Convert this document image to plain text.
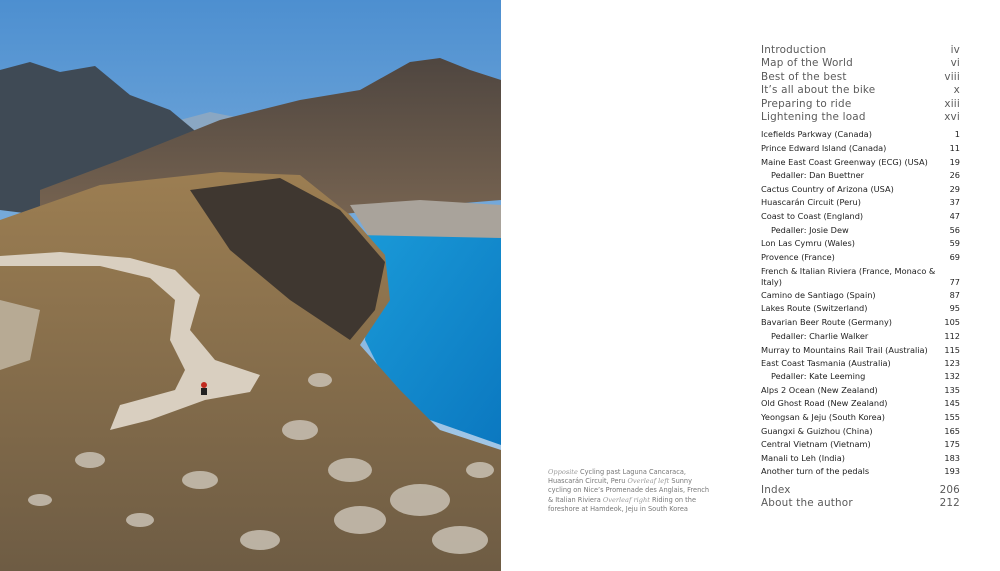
Introduction	iv
Map of the World	vi
Best of the best	viii
It’s all about the bike	x
Preparing to ride	xiii
Lightening the load	xvi
Icefields Parkway (Canada)	1
Prince Edward Island (Canada)	11
Maine East Coast Greenway (ECG) (USA)	19
Pedaller: Dan Buettner	26
Cactus Country of Arizona (USA)	29
Huascarán Circuit (Peru)	37
Coast to Coast (England)	47
Pedaller: Josie Dew	56
Lon Las Cymru (Wales)	59
Provence (France)	69
French & Italian Riviera (France, Monaco & Italy)	77
Camino de Santiago (Spain)	87
Lakes Route (Switzerland)	95
Bavarian Beer Route (Germany)	105
Pedaller: Charlie Walker	112
Murray to Mountains Rail Trail (Australia) 115
East Coast Tasmania (Australia)	123
Pedaller: Kate Leeming	132
Alps 2 Ocean (New Zealand)	135
Old Ghost Road (New Zealand)	145
Yeongsan & Jeju (South Korea)	155
Guangxi & Guizhou (China)	165
Central Vietnam (Vietnam)	175
Manali to Leh (India)	183
Another turn of the pedals	193
Index	206
About the author	212
Opposite Cycling past Laguna Cancaraca, Huascarán Circuit, Peru Overleaf left Sunny cycling on Nice’s Promenade des Anglais, French & Italian Riviera Overleaf right Riding on the foreshore at Hamdeok, Jeju in South Korea
